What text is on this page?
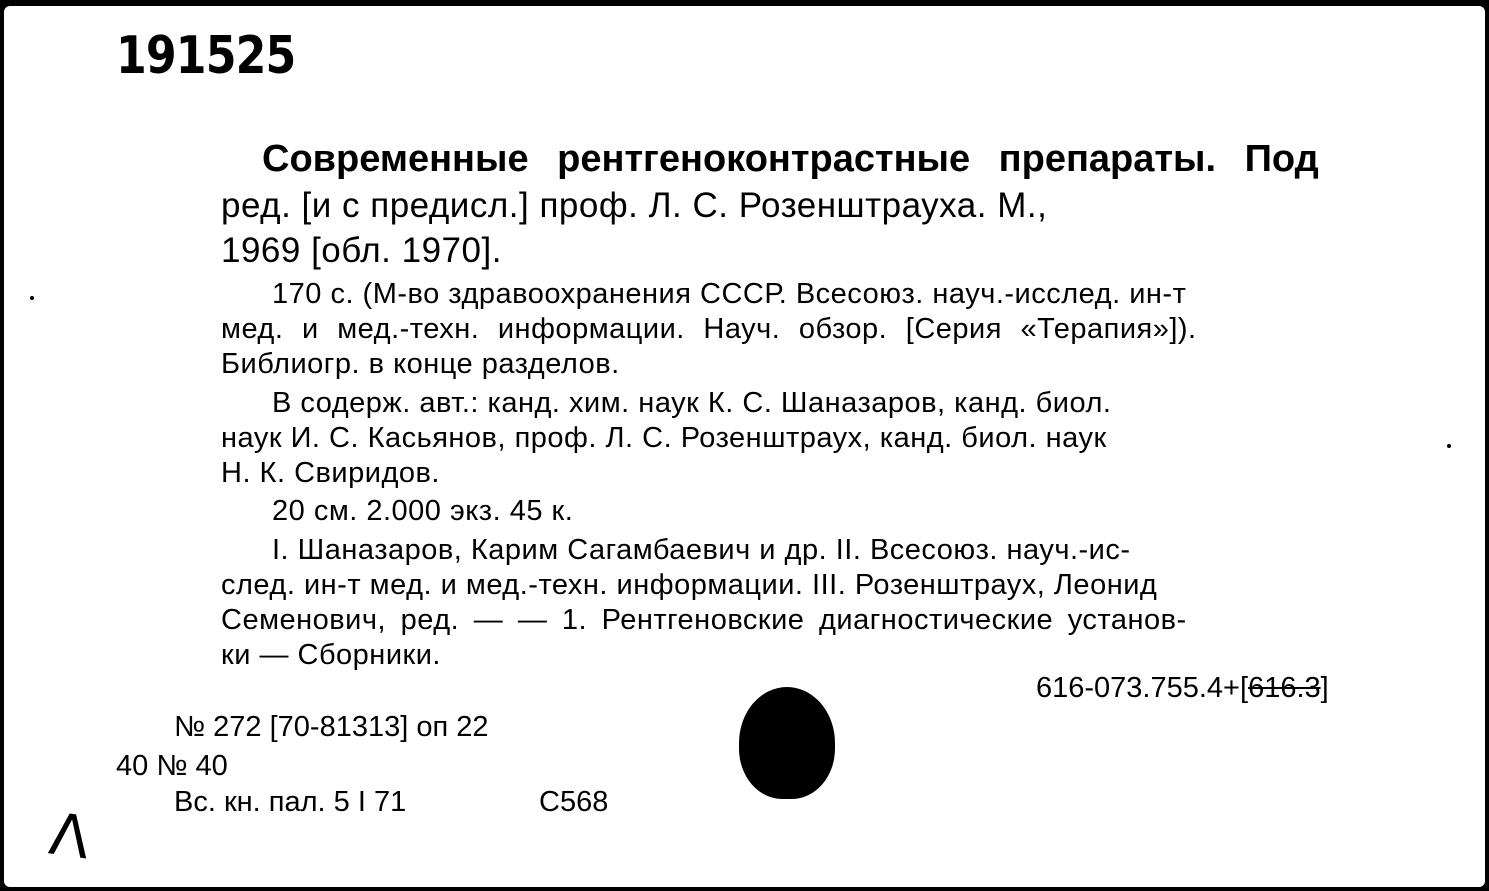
191525
Современные рентгеноконтрастные препараты. Под
ред. [и с предисл.] проф. Л. С. Розенштрауха. М.,
1969 [обл. 1970].
170 с. (М-во здравоохранения СССР. Всесоюз. науч.-исслед. ин-т
мед. и мед.-техн. информации. Науч. обзор. [Серия «Терапия»]).
Библиогр. в конце разделов.
В содерж. авт.: канд. хим. наук К. С. Шаназаров, канд. биол.
наук И. С. Касьянов, проф. Л. С. Розенштраух, канд. биол. наук
Н. К. Свиридов.
20 см. 2.000 экз. 45 к.
I. Шаназаров, Карим Сагамбаевич и др. II. Всесоюз. науч.-ис-
след. ин-т мед. и мед.-техн. информации. III. Розенштраух, Леонид
Семенович, ред. — — 1. Рентгеновские диагностические установ-
ки — Сборники.
616-073.755.4+[616.3]
№ 272 [70-81313] оп 22
40 № 40
Вс. кн. пал. 5 I 71	С568
Λ
